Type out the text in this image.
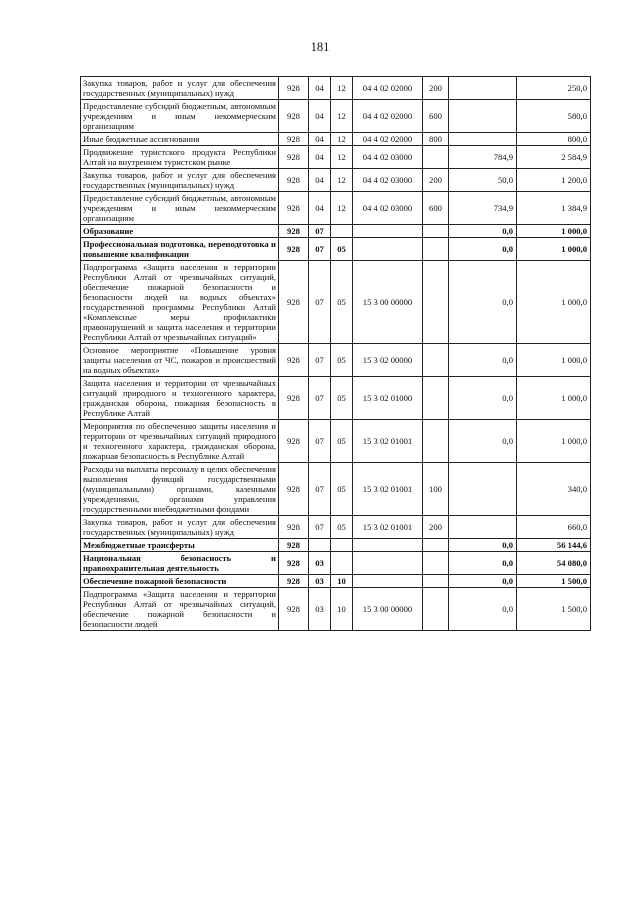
181
Закупка товаров, работ и услуг для обеспечения государственных (муниципальных) нужд	928	04	12	04 4 02 02000	200		250,0
Предоставление субсидий бюджетным, автономным учреждениям и иным некоммерческим организациям	928	04	12	04 4 02 02000	600		580,0
Иные бюджетные ассигнования	928	04	12	04 4 02 02000	800		800,0
Продвижение туристского продукта Республики Алтай на внутреннем туристском рынке	928	04	12	04 4 02 03000		784,9	2 584,9
Закупка товаров, работ и услуг для обеспечения государственных (муниципальных) нужд	928	04	12	04 4 02 03000	200	50,0	1 200,0
Предоставление субсидий бюджетным, автономным учреждениям и иным некоммерческим организациям	928	04	12	04 4 02 03000	600	734,9	1 384,9
Образование	928	07				0,0	1 000,0
Профессиональная подготовка, переподготовка и повышение квалификации	928	07	05			0,0	1 000,0
Подпрограмма «Защита населения и территории Республики Алтай от чрезвычайных ситуаций, обеспечение пожарной безопасности и безопасности людей на водных объектах» государственной программы Республики Алтай «Комплексные меры профилактики правонарушений и защита населения и территории Республики Алтай от чрезвычайных ситуаций»	928	07	05	15 3 00 00000		0,0	1 000,0
Основное мероприятие «Повышение уровня защиты населения от ЧС, пожаров и происшествий на водных объектах»	928	07	05	15 3 02 00000		0,0	1 000,0
Защита населения и территории от чрезвычайных ситуаций природного и техногенного характера, гражданская оборона, пожарная безопасность в Республике Алтай	928	07	05	15 3 02 01000		0,0	1 000,0
Мероприятия по обеспечению защиты населения и территории от чрезвычайных ситуаций природного и техногенного характера, гражданская оборона, пожарная безопасность в Республике Алтай	928	07	05	15 3 02 01001		0,0	1 000,0
Расходы на выплаты персоналу в целях обеспечения выполнения функций государственными (муниципальными) органами, казенными учреждениями, органами управления государственными внебюджетными фондами	928	07	05	15 3 02 01001	100		340,0
Закупка товаров, работ и услуг для обеспечения государственных (муниципальных) нужд	928	07	05	15 3 02 01001	200		660,0
Межбюджетные трансферты	928					0,0	56 144,6
Национальная безопасность и правоохранительная деятельность	928	03				0,0	54 080,0
Обеспечение пожарной безопасности	928	03	10			0,0	1 500,0
Подпрограмма «Защита населения и территории Республики Алтай от чрезвычайных ситуаций, обеспечение пожарной безопасности и безопасности людей	928	03	10	15 3 00 00000		0,0	1 500,0
